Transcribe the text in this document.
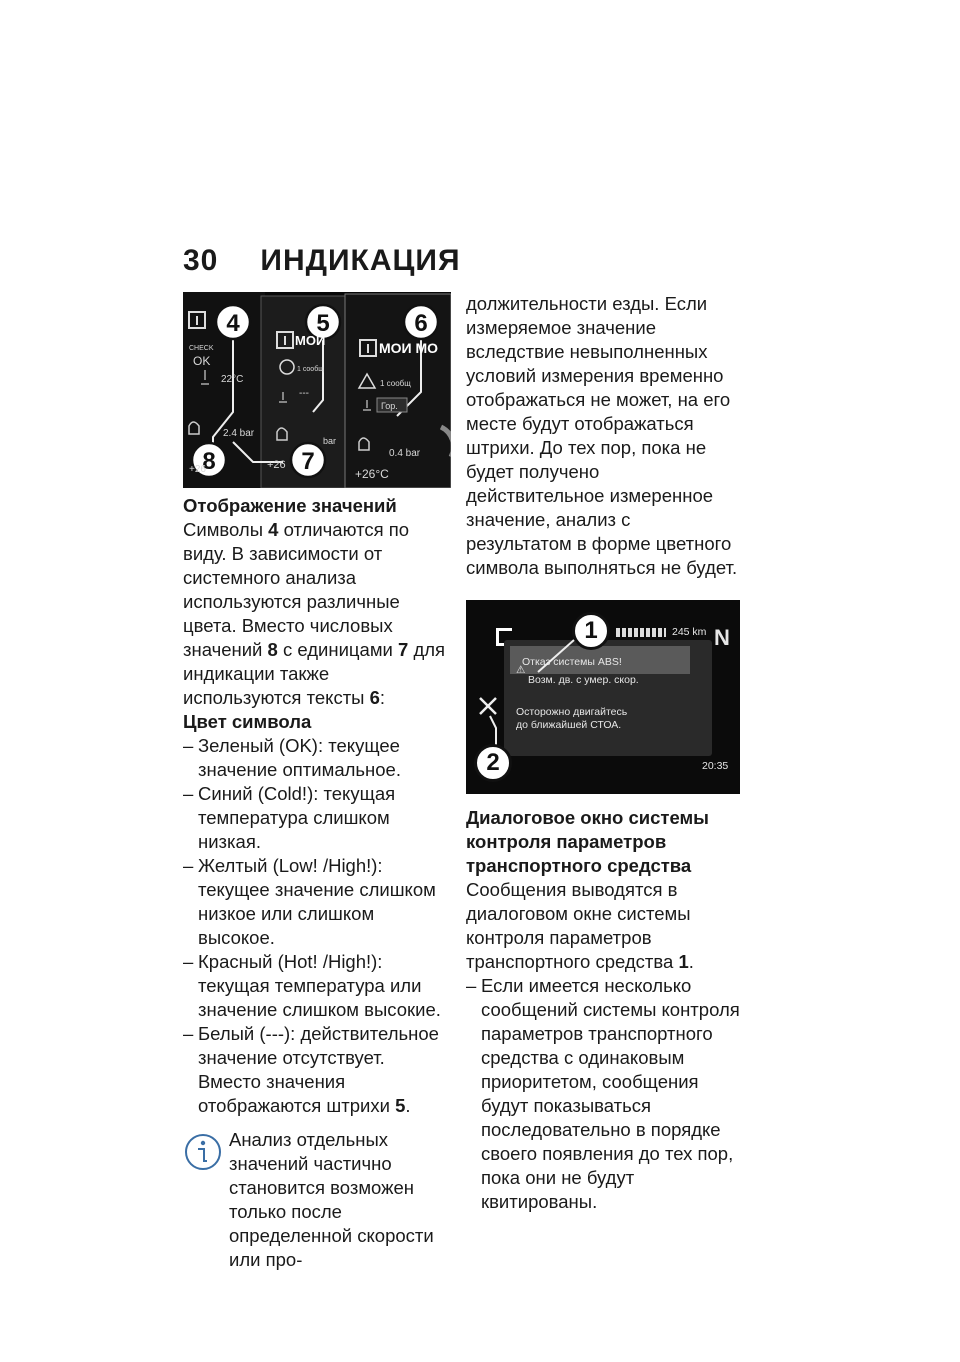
30 ИНДИКАЦИЯ
4	5	6
7
8
CHECK
OK
22°C
2.4 bar
+26
МОИ
1 сообщ
---
bar
+26
МОИ МО
1 сообщ
Гор.
0.4 bar
+26°C
Отображение значений

Символы 4 отличаются по виду. В зависимости от системного анализа используются различные цвета. Вместо числовых значений 8 с единицами 7 для индикации также используются тексты 6:

Цвет символа
– Зеленый (OK): текущее значение оптимальное.
– Синий (Cold!): текущая температура слишком низкая.
– Желтый (Low! /High!): текущее значение слишком низкое или слишком высокое.
– Красный (Hot! /High!): текущая температура или значение слишком высокие.
– Белый (---): действительное значение отсутствует. Вместо значения отображаются штрихи 5.
Анализ отдельных значений частично становится возможен только после определенной скорости или про-

должительности езды. Если измеряемое значение вследствие невыполненных условий измерения временно отображаться не может, на его месте будут отображаться штрихи. До тех пор, пока не будет получено действительное измеренное значение, анализ с результатом в форме цветного символа выполняться не будет.

245 km N
⚠
Отказ системы ABS!
Возм. дв. с умер. скор.
Осторожно двигайтесь
до ближайшей СТОА.
20:35
1
2
Диалоговое окно системы контроля параметров транспортного средства

Сообщения выводятся в диалоговом окне системы контроля параметров транспортного средства 1.

– Если имеется несколько сообщений системы контроля параметров транспортного средства с одинаковым приоритетом, сообщения будут показываться последовательно в порядке своего появления до тех пор, пока они не будут квитированы.
